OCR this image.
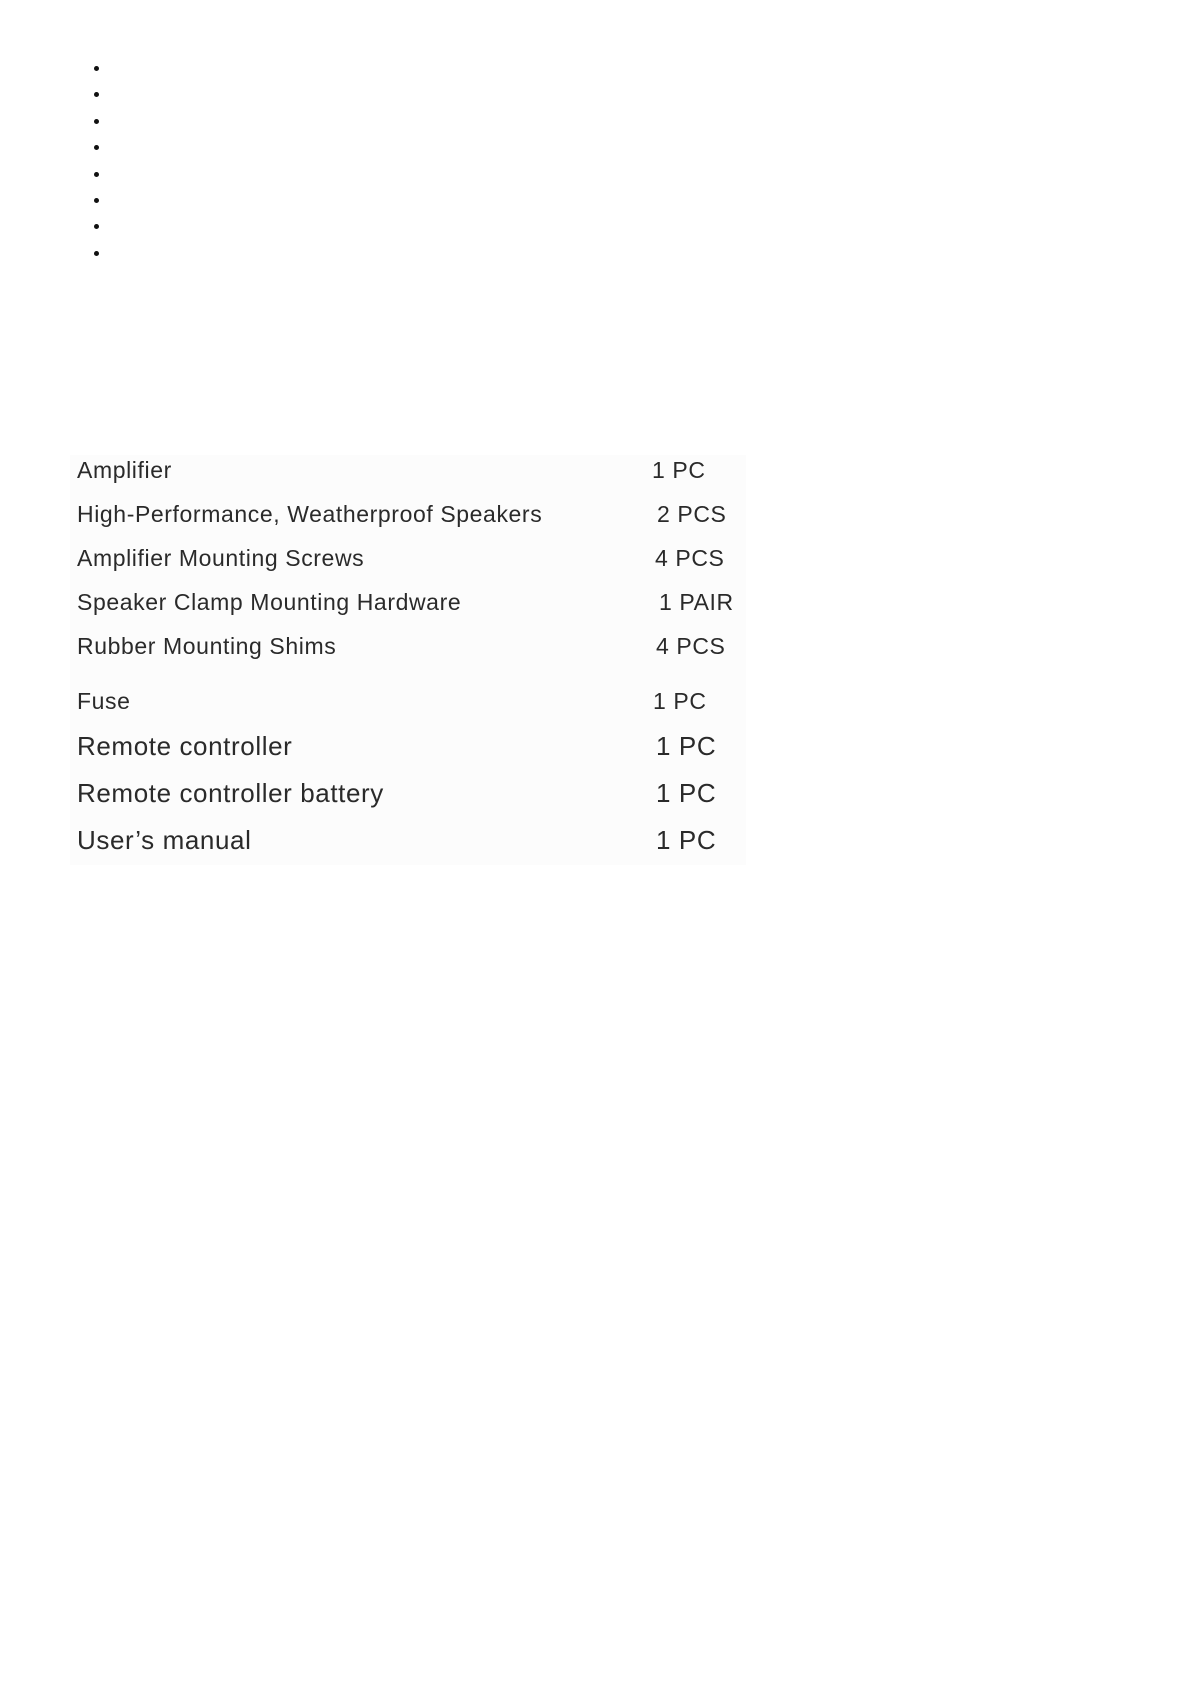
Amplifier	1 PC
High-Performance, Weatherproof Speakers	2 PCS
Amplifier Mounting Screws	4 PCS
Speaker Clamp Mounting Hardware	1 PAIR
Rubber Mounting Shims	4 PCS
Fuse	1 PC
Remote controller	1 PC
Remote controller battery	1 PC
User’s manual	1 PC
